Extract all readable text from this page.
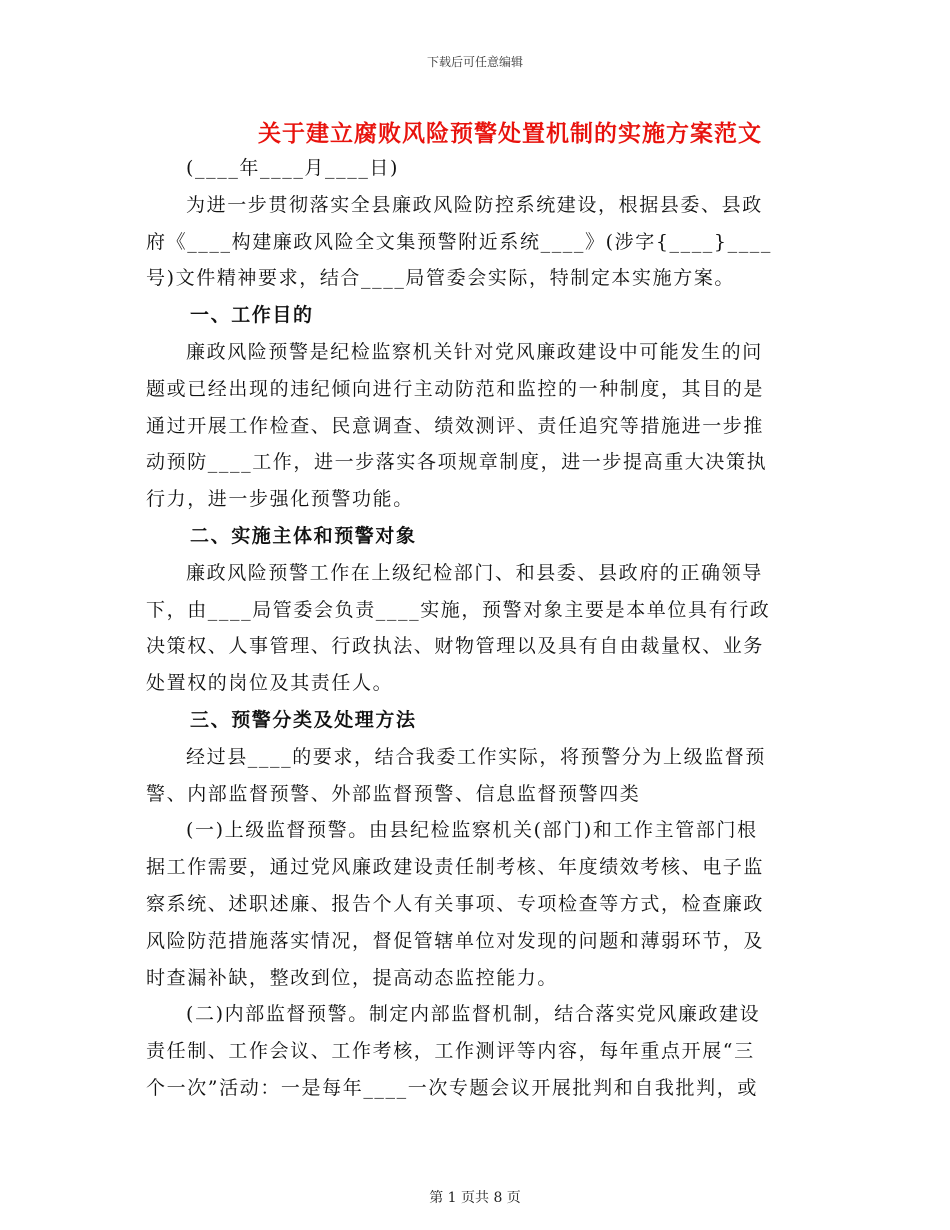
下载后可任意编辑
关于建立腐败风险预警处置机制的实施方案范文
(____年____月____日)
为进一步贯彻落实全县廉政风险防控系统建设，根据县委、县政
府《____构建廉政风险全文集预警附近系统____》(涉字{____}____
号)文件精神要求，结合____局管委会实际，特制定本实施方案。
一、工作目的
廉政风险预警是纪检监察机关针对党风廉政建设中可能发生的问
题或已经出现的违纪倾向进行主动防范和监控的一种制度，其目的是
通过开展工作检查、民意调查、绩效测评、责任追究等措施进一步推
动预防____工作，进一步落实各项规章制度，进一步提高重大决策执
行力，进一步强化预警功能。
二、实施主体和预警对象
廉政风险预警工作在上级纪检部门、和县委、县政府的正确领导
下，由____局管委会负责____实施，预警对象主要是本单位具有行政
决策权、人事管理、行政执法、财物管理以及具有自由裁量权、业务
处置权的岗位及其责任人。
三、预警分类及处理方法
经过县____的要求，结合我委工作实际，将预警分为上级监督预
警、内部监督预警、外部监督预警、信息监督预警四类
(一)上级监督预警。由县纪检监察机关(部门)和工作主管部门根
据工作需要，通过党风廉政建设责任制考核、年度绩效考核、电子监
察系统、述职述廉、报告个人有关事项、专项检查等方式，检查廉政
风险防范措施落实情况，督促管辖单位对发现的问题和薄弱环节，及
时查漏补缺，整改到位，提高动态监控能力。
(二)内部监督预警。制定内部监督机制，结合落实党风廉政建设
责任制、工作会议、工作考核，工作测评等内容，每年重点开展“三
个一次”活动：一是每年____一次专题会议开展批判和自我批判，或
第 1 页共 8 页
